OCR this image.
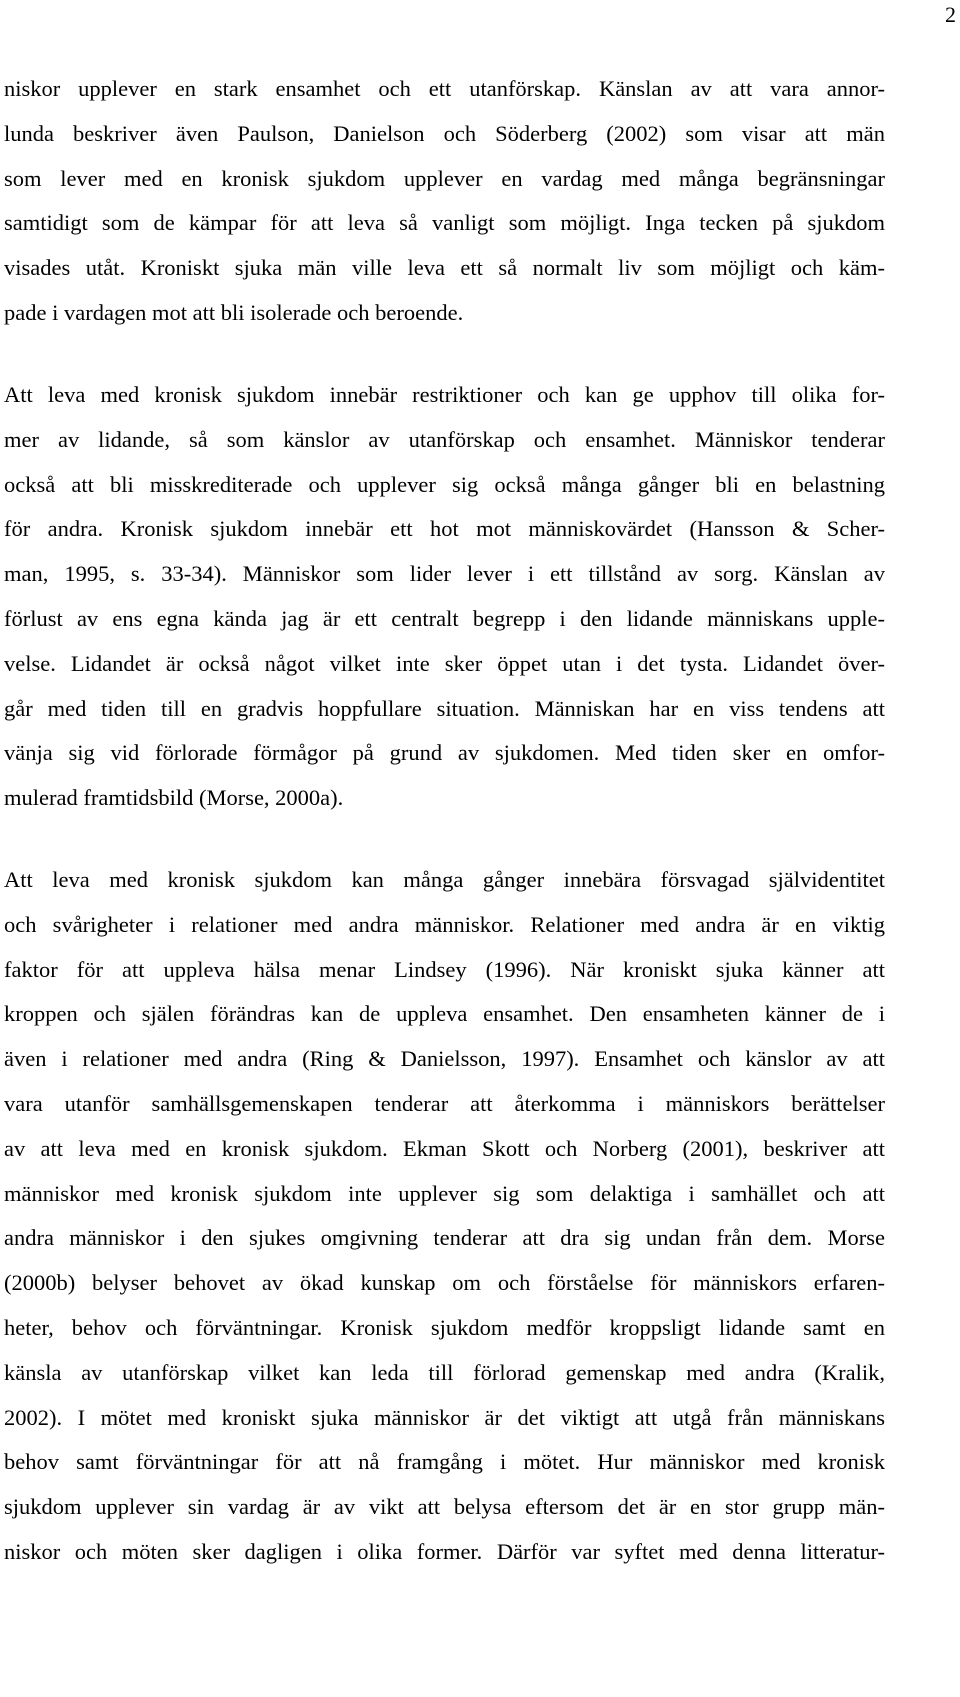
2
niskor upplever en stark ensamhet och ett utanförskap. Känslan av att vara annor-
lunda beskriver även Paulson, Danielson och Söderberg (2002) som visar att män
som lever med en kronisk sjukdom upplever en vardag med många begränsningar
samtidigt som de kämpar för att leva så vanligt som möjligt. Inga tecken på sjukdom
visades utåt. Kroniskt sjuka män ville leva ett så normalt liv som möjligt och käm-
pade i vardagen mot att bli isolerade och beroende.
Att leva med kronisk sjukdom innebär restriktioner och kan ge upphov till olika for-
mer av lidande, så som känslor av utanförskap och ensamhet. Människor tenderar
också att bli misskrediterade och upplever sig också många gånger bli en belastning
för andra. Kronisk sjukdom innebär ett hot mot människovärdet (Hansson & Scher-
man, 1995, s. 33-34). Människor som lider lever i ett tillstånd av sorg. Känslan av
förlust av ens egna kända jag är ett centralt begrepp i den lidande människans upple-
velse. Lidandet är också något vilket inte sker öppet utan i det tysta. Lidandet över-
går med tiden till en gradvis hoppfullare situation. Människan har en viss tendens att
vänja sig vid förlorade förmågor på grund av sjukdomen. Med tiden sker en omfor-
mulerad framtidsbild (Morse, 2000a).
Att leva med kronisk sjukdom kan många gånger innebära försvagad självidentitet
och svårigheter i relationer med andra människor. Relationer med andra är en viktig
faktor för att uppleva hälsa menar Lindsey (1996). När kroniskt sjuka känner att
kroppen och själen förändras kan de uppleva ensamhet. Den ensamheten känner de i
även i relationer med andra (Ring & Danielsson, 1997). Ensamhet och känslor av att
vara utanför samhällsgemenskapen tenderar att återkomma i människors berättelser
av att leva med en kronisk sjukdom. Ekman Skott och Norberg (2001), beskriver att
människor med kronisk sjukdom inte upplever sig som delaktiga i samhället och att
andra människor i den sjukes omgivning tenderar att dra sig undan från dem. Morse
(2000b) belyser behovet av ökad kunskap om och förståelse för människors erfaren-
heter, behov och förväntningar. Kronisk sjukdom medför kroppsligt lidande samt en
känsla av utanförskap vilket kan leda till förlorad gemenskap med andra (Kralik,
2002). I mötet med kroniskt sjuka människor är det viktigt att utgå från människans
behov samt förväntningar för att nå framgång i mötet. Hur människor med kronisk
sjukdom upplever sin vardag är av vikt att belysa eftersom det är en stor grupp män-
niskor och möten sker dagligen i olika former. Därför var syftet med denna litteratur-
